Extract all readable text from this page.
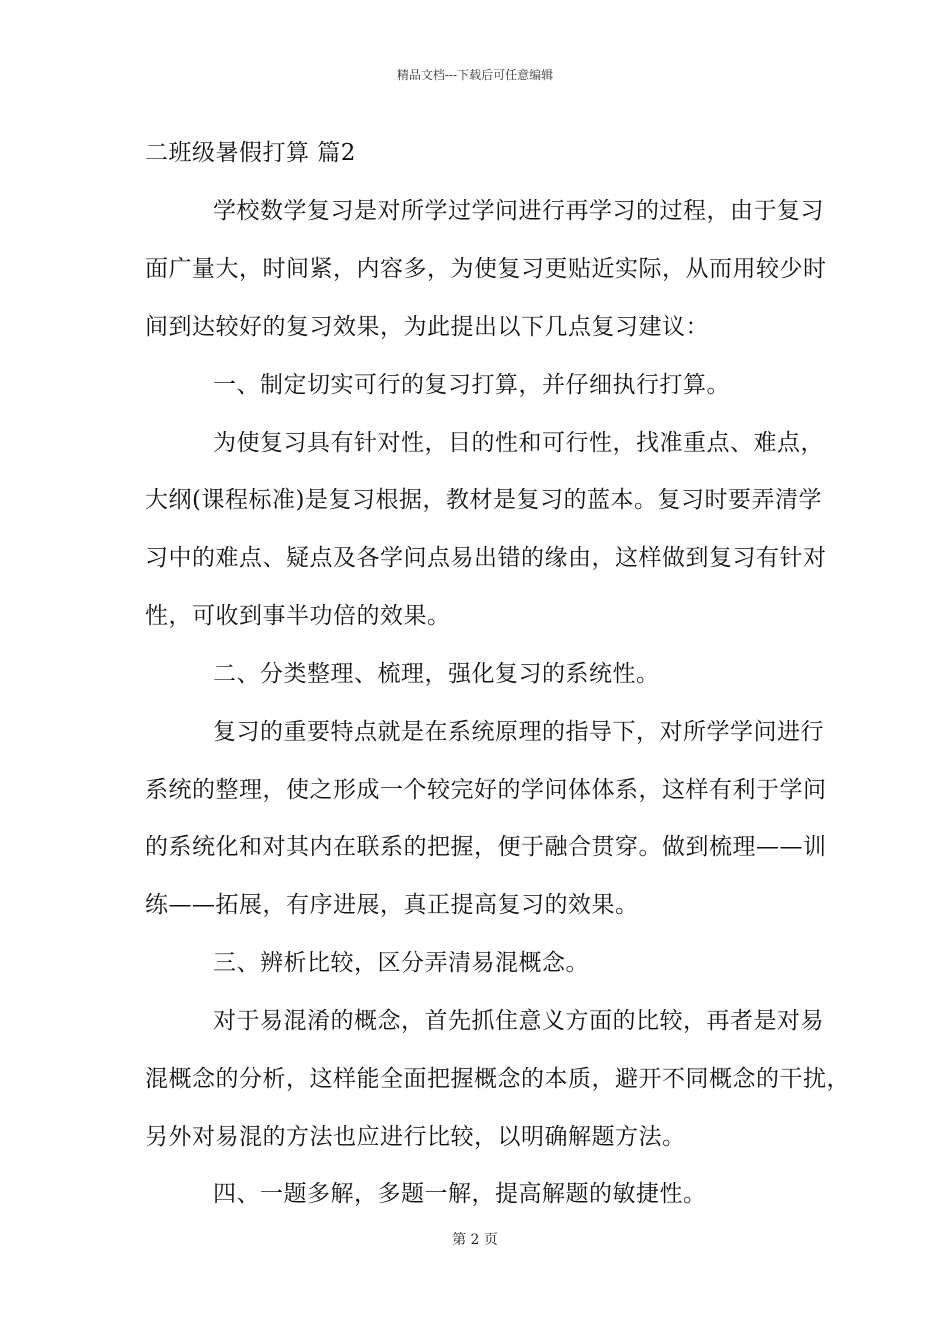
精品文档---下载后可任意编辑
二班级暑假打算 篇2
学校数学复习是对所学过学问进行再学习的过程，由于复习
面广量大，时间紧，内容多，为使复习更贴近实际，从而用较少时
间到达较好的复习效果，为此提出以下几点复习建议：
一、制定切实可行的复习打算，并仔细执行打算。
为使复习具有针对性，目的性和可行性，找准重点、难点，
大纲(课程标准)是复习根据，教材是复习的蓝本。复习时要弄清学
习中的难点、疑点及各学问点易出错的缘由，这样做到复习有针对
性，可收到事半功倍的效果。
二、分类整理、梳理，强化复习的系统性。
复习的重要特点就是在系统原理的指导下，对所学学问进行
系统的整理，使之形成一个较完好的学问体体系，这样有利于学问
的系统化和对其内在联系的把握，便于融合贯穿。做到梳理——训
练——拓展，有序进展，真正提高复习的效果。
三、辨析比较，区分弄清易混概念。
对于易混淆的概念，首先抓住意义方面的比较，再者是对易
混概念的分析，这样能全面把握概念的本质，避开不同概念的干扰，
另外对易混的方法也应进行比较，以明确解题方法。
四、一题多解，多题一解，提高解题的敏捷性。
第 2 页
